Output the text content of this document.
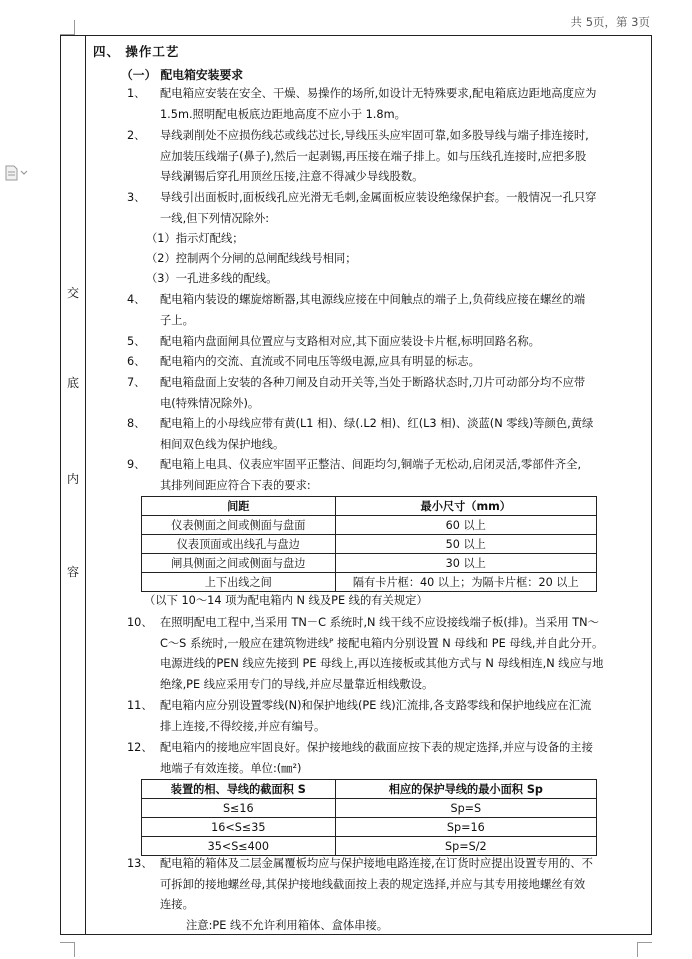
共 5页，第 3页
交
底
内
容
四、 操作工艺
（一） 配电箱安装要求
1、 配电箱应安装在安全、干燥、易操作的场所,如设计无特殊要求,配电箱底边距地高度应为
1.5m.照明配电板底边距地高度不应小于 1.8m。
2、 导线剥削处不应损伤线芯或线芯过长,导线压头应牢固可靠,如多股导线与端子排连接时,
应加装压线端子(鼻子),然后一起剥锡,再压接在端子排上。如与压线孔连接时,应把多股
导线涮锡后穿孔用顶丝压接,注意不得减少导线股数。
3、 导线引出面板时,面板线孔应光滑无毛刺,金属面板应装设绝缘保护套。一般情况一孔只穿
一线,但下列情况除外:
（1）指示灯配线；
（2）控制两个分闸的总闸配线线号相同；
（3）一孔进多线的配线。
4、 配电箱内装设的螺旋熔断器,其电源线应接在中间触点的端子上,负荷线应接在螺丝的端
子上。
5、 配电箱内盘面闸具位置应与支路相对应,其下面应装设卡片框,标明回路名称。
6、 配电箱内的交流、直流或不同电压等级电源,应具有明显的标志。
7、 配电箱盘面上安装的各种刀闸及自动开关等,当处于断路状态时,刀片可动部分均不应带
电(特殊情况除外)。
8、 配电箱上的小母线应带有黄(L1 相)、绿(.L2 相)、红(L3 相)、淡蓝(N 零线)等颜色,黄绿
相间双色线为保护地线。
9、 配电箱上电具、仪表应牢固平正整洁、间距均匀,铜端子无松动,启闭灵活,零部件齐全,
其排列间距应符合下表的要求:
间距	最小尺寸（mm）
仪表侧面之间或侧面与盘面	60 以上
仪表顶面或出线孔与盘边	50 以上
闸具侧面之间或侧面与盘边	30 以上
上下出线之间	隔有卡片框：40 以上；为隔卡片框：20 以上
（以下 10～14 项为配电箱内 N 线及PE 线的有关规定）
10、 在照明配电工程中,当采用 TN－C 系统时,N 线干线不应设接线端子板(排)。当采用 TN～
C～S 系统时,一般应在建筑物进线ᴾ 接配电箱内分别设置 N 母线和 PE 母线,并自此分开。
电源进线的PEN 线应先接到 PE 母线上,再以连接板或其他方式与 N 母线相连,N 线应与地
绝缘,PE 线应采用专门的导线,并应尽量靠近相线敷设。
11、 配电箱内应分别设置零线(N)和保护地线(PE 线)汇流排,各支路零线和保护地线应在汇流
排上连接,不得绞接,并应有编号。
12、 配电箱内的接地应牢固良好。保护接地线的截面应按下表的规定选择,并应与设备的主接
地端子有效连接。单位:(㎜²)
装置的相、导线的截面积 S	相应的保护导线的最小面积 Sp
S≤16	Sp=S
16<S≤35	Sp=16
35<S≤400	Sp=S/2
13、 配电箱的箱体及二层金属覆板均应与保护接地电路连接,在订货时应提出设置专用的、不
可拆卸的接地螺丝母,其保护接地线截面按上表的规定选择,并应与其专用接地螺丝有效
连接。
注意:PE 线不允许利用箱体、盒体串接。
